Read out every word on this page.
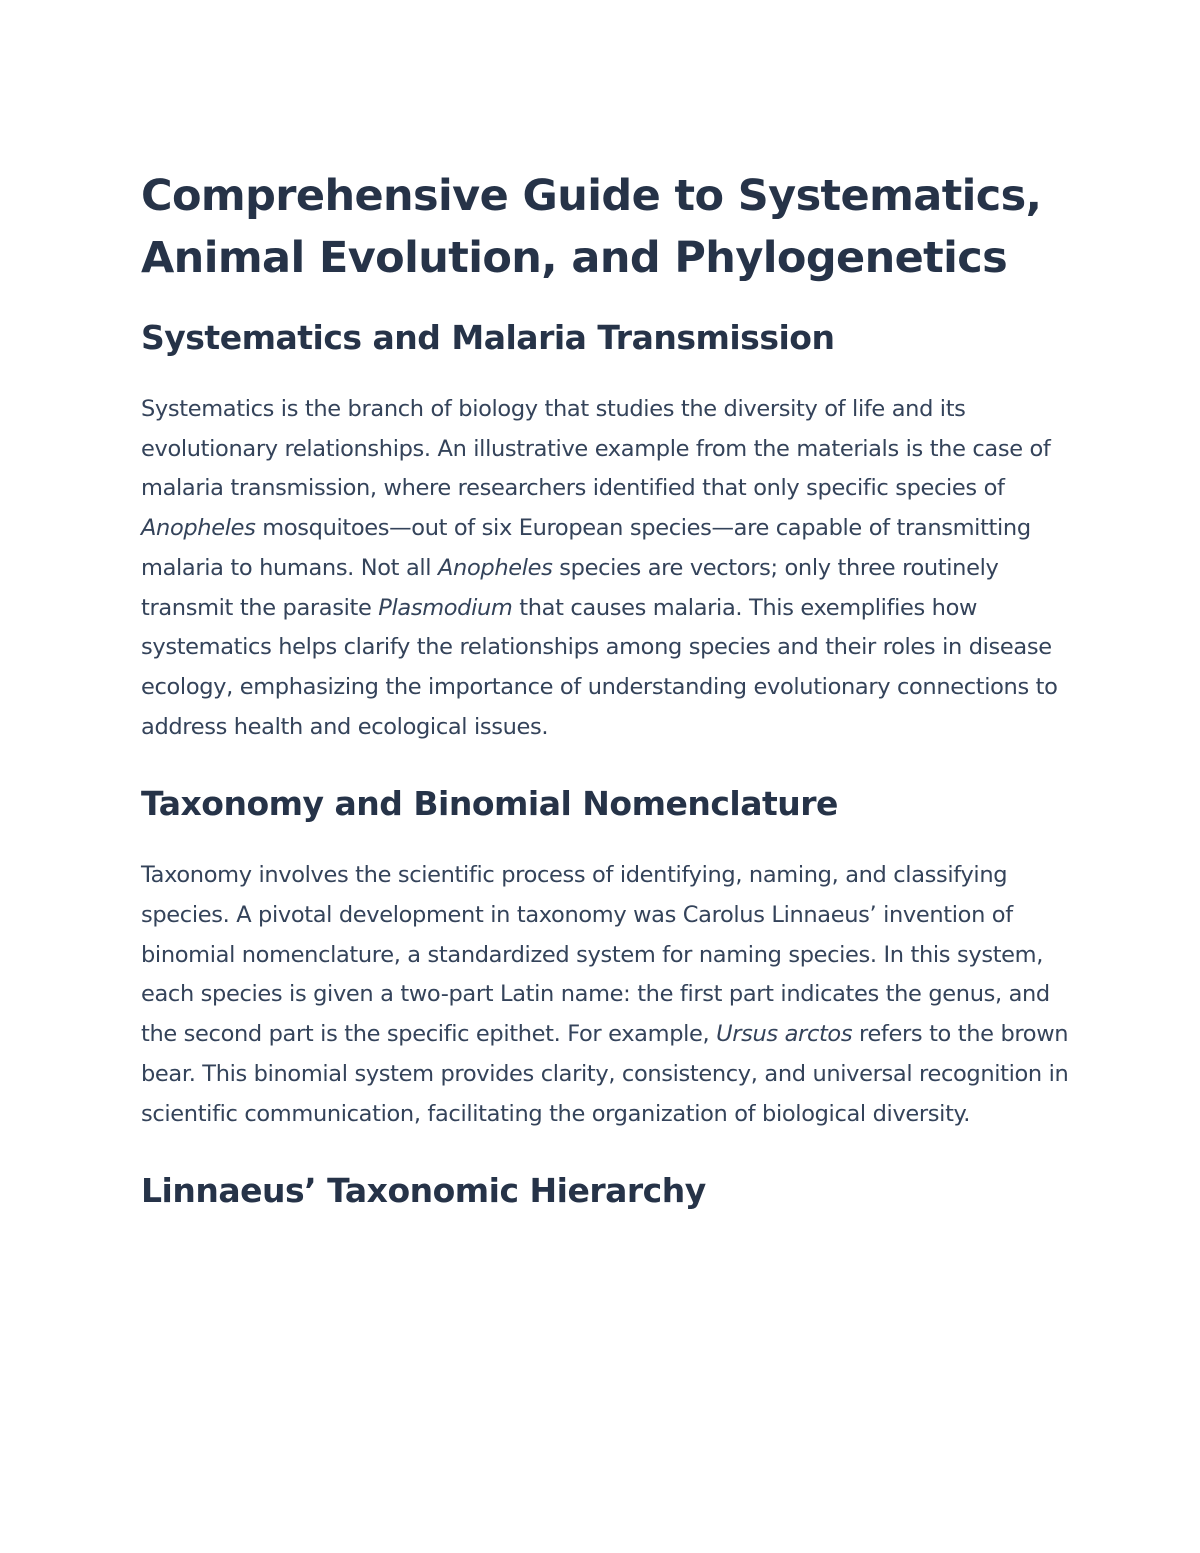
Comprehensive Guide to Systematics, Animal Evolution, and Phylogenetics
Systematics and Malaria Transmission

Systematics is the branch of biology that studies the diversity of life and its evolutionary relationships. An illustrative example from the materials is the case of malaria transmission, where researchers identified that only specific species of Anopheles mosquitoes—out of six European species—are capable of transmitting malaria to humans. Not all Anopheles species are vectors; only three routinely transmit the parasite Plasmodium that causes malaria. This exemplifies how systematics helps clarify the relationships among species and their roles in disease ecology, emphasizing the importance of understanding evolutionary connections to address health and ecological issues.

Taxonomy and Binomial Nomenclature

Taxonomy involves the scientific process of identifying, naming, and classifying species. A pivotal development in taxonomy was Carolus Linnaeus’ invention of binomial nomenclature, a standardized system for naming species. In this system, each species is given a two-part Latin name: the first part indicates the genus, and the second part is the specific epithet. For example, Ursus arctos refers to the brown bear. This binomial system provides clarity, consistency, and universal recognition in scientific communication, facilitating the organization of biological diversity.

Linnaeus’ Taxonomic Hierarchy
